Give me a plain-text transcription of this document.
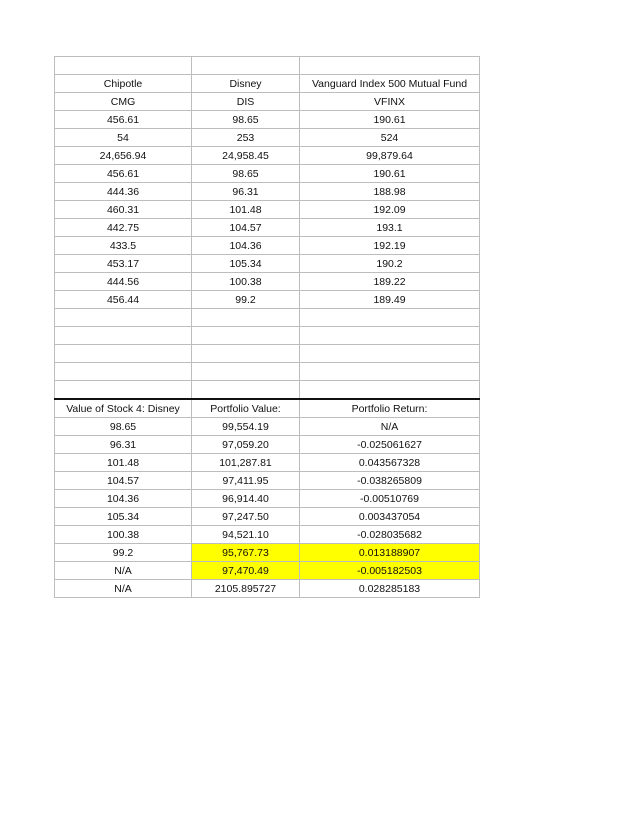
Chipotle	Disney	Vanguard Index 500 Mutual Fund
CMG	DIS	VFINX
456.61	98.65	190.61
54	253	524
24,656.94	24,958.45	99,879.64
456.61	98.65	190.61
444.36	96.31	188.98
460.31	101.48	192.09
442.75	104.57	193.1
433.5	104.36	192.19
453.17	105.34	190.2
444.56	100.38	189.22
456.44	99.2	189.49

Value of Stock 4: Disney	Portfolio Value:	Portfolio Return:
98.65	99,554.19	N/A
96.31	97,059.20	-0.025061627
101.48	101,287.81	0.043567328
104.57	97,411.95	-0.038265809
104.36	96,914.40	-0.00510769
105.34	97,247.50	0.003437054
100.38	94,521.10	-0.028035682
99.2	95,767.73	0.013188907
N/A	97,470.49	-0.005182503
N/A	2105.895727	0.028285183
